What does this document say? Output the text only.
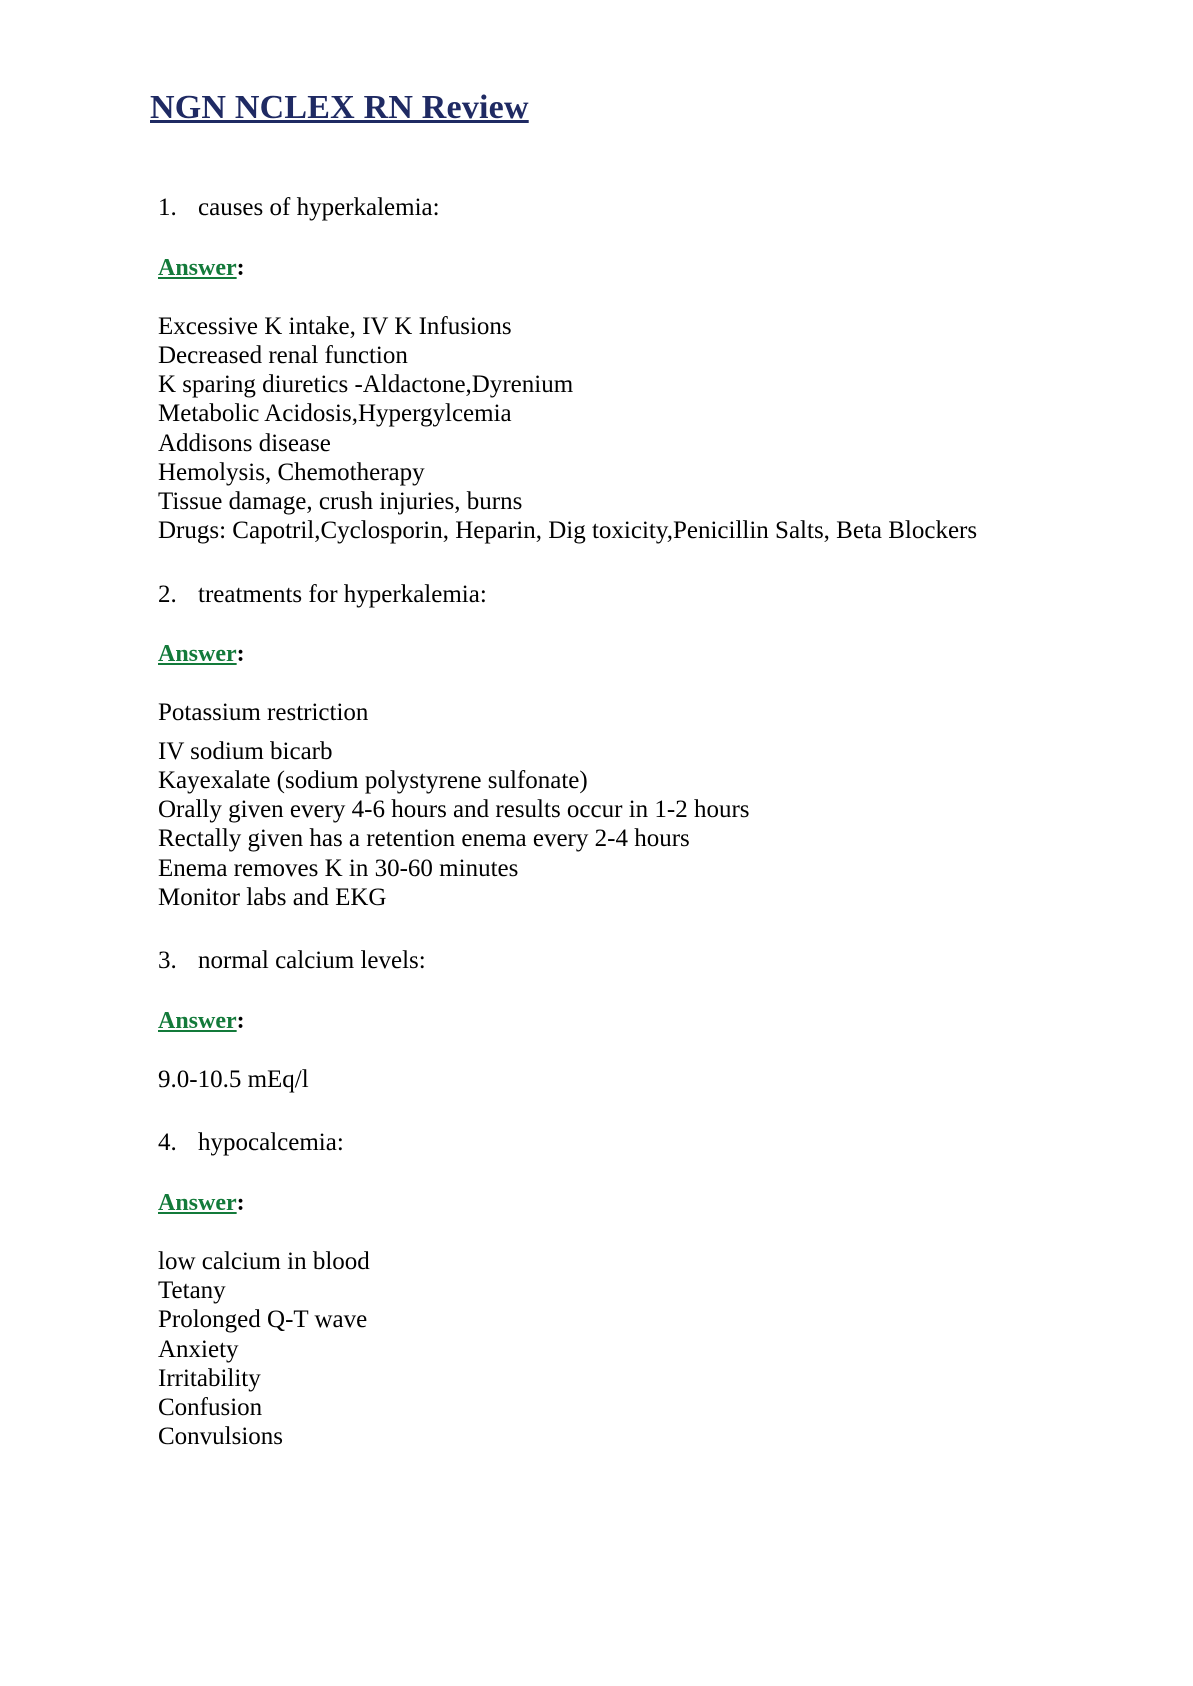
NGN NCLEX RN Review
1. causes of hyperkalemia:
Answer:
Excessive K intake, IV K Infusions
Decreased renal function
K sparing diuretics -Aldactone,Dyrenium
Metabolic Acidosis,Hypergylcemia
Addisons disease
Hemolysis, Chemotherapy
Tissue damage, crush injuries, burns
Drugs: Capotril,Cyclosporin, Heparin, Dig toxicity,Penicillin Salts, Beta Blockers
2. treatments for hyperkalemia:
Answer:
Potassium restriction
IV sodium bicarb
Kayexalate (sodium polystyrene sulfonate)
Orally given every 4-6 hours and results occur in 1-2 hours
Rectally given has a retention enema every 2-4 hours
Enema removes K in 30-60 minutes
Monitor labs and EKG
3. normal calcium levels:
Answer:
9.0-10.5 mEq/l
4. hypocalcemia:
Answer:
low calcium in blood
Tetany
Prolonged Q-T wave
Anxiety
Irritability
Confusion
Convulsions
